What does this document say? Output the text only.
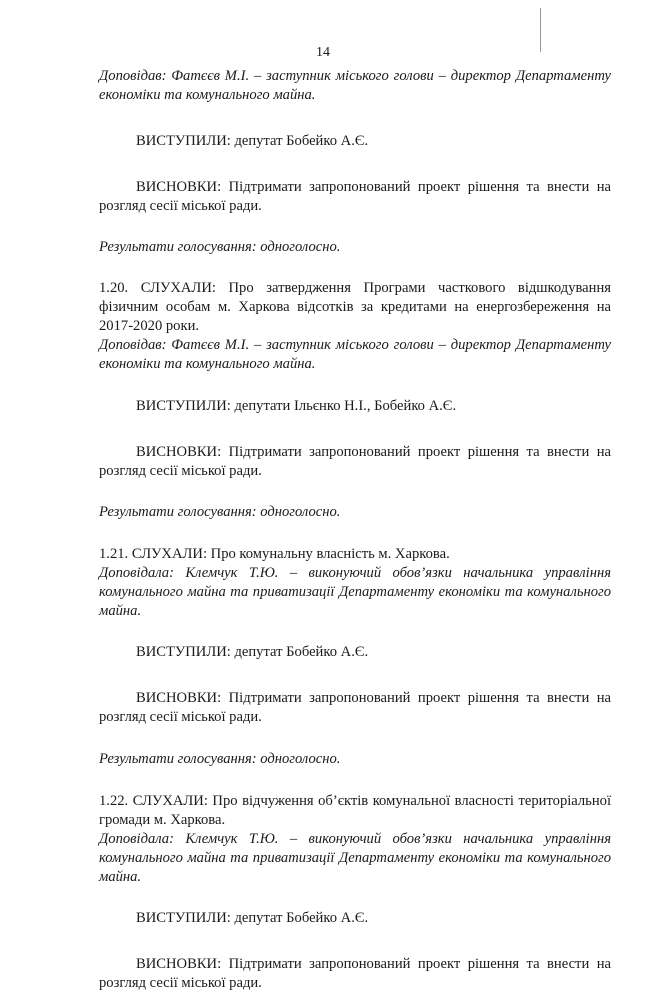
14

Доповідав: Фатєєв М.І. – заступник міського голови – директор Департаменту економіки та комунального майна.

ВИСТУПИЛИ: депутат Бобейко А.Є.

ВИСНОВКИ: Підтримати запропонований проект рішення та внести на розгляд сесії міської ради.

Результати голосування: одноголосно.

1.20. СЛУХАЛИ: Про затвердження Програми часткового відшкодування фізичним особам м. Харкова відсотків за кредитами на енергозбереження на 2017-2020 роки.

Доповідав: Фатєєв М.І. – заступник міського голови – директор Департаменту економіки та комунального майна.

ВИСТУПИЛИ: депутати Ільєнко Н.І., Бобейко А.Є.

ВИСНОВКИ: Підтримати запропонований проект рішення та внести на розгляд сесії міської ради.

Результати голосування: одноголосно.

1.21. СЛУХАЛИ: Про комунальну власність м. Харкова.

Доповідала: Клемчук Т.Ю. – виконуючий обов’язки начальника управління комунального майна та приватизації Департаменту економіки та комунального майна.

ВИСТУПИЛИ: депутат Бобейко А.Є.

ВИСНОВКИ: Підтримати запропонований проект рішення та внести на розгляд сесії міської ради.

Результати голосування: одноголосно.

1.22. СЛУХАЛИ: Про відчуження об’єктів комунальної власності територіальної громади м. Харкова.

Доповідала: Клемчук Т.Ю. – виконуючий обов’язки начальника управління комунального майна та приватизації Департаменту економіки та комунального майна.

ВИСТУПИЛИ: депутат Бобейко А.Є.

ВИСНОВКИ: Підтримати запропонований проект рішення та внести на розгляд сесії міської ради.
